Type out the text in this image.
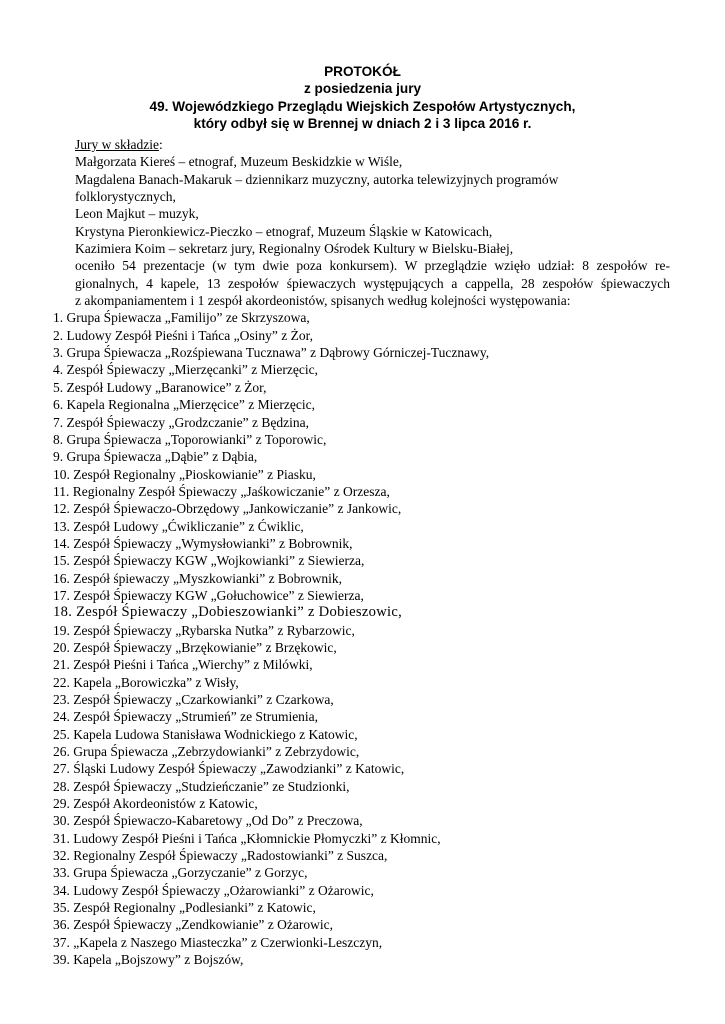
PROTOKÓŁ
z posiedzenia jury
49. Wojewódzkiego Przeglądu Wiejskich Zespołów Artystycznych,
który odbył się w Brennej w dniach 2 i 3 lipca 2016 r.
Jury w składzie:
Małgorzata Kiereś – etnograf, Muzeum Beskidzkie w Wiśle,
Magdalena Banach-Makaruk – dziennikarz muzyczny, autorka telewizyjnych programów
folklorystycznych,
Leon Majkut – muzyk,
Krystyna Pieronkiewicz-Pieczko – etnograf, Muzeum Śląskie w Katowicach,
Kazimiera Koim – sekretarz jury, Regionalny Ośrodek Kultury w Bielsku-Białej,
oceniło 54 prezentacje (w tym dwie poza konkursem). W przeglądzie wzięło udział: 8 zespołów re-
gionalnych, 4 kapele, 13 zespołów śpiewaczych występujących a cappella, 28 zespołów śpiewaczych
z akompaniamentem i 1 zespół akordeonistów, spisanych według kolejności występowania:
1. Grupa Śpiewacza „Familijo” ze Skrzyszowa,
2. Ludowy Zespół Pieśni i Tańca „Osiny” z Żor,
3. Grupa Śpiewacza „Rozśpiewana Tucznawa” z Dąbrowy Górniczej-Tucznawy,
4. Zespół Śpiewaczy „Mierzęcanki” z Mierzęcic,
5. Zespół Ludowy „Baranowice” z Żor,
6. Kapela Regionalna „Mierzęcice” z Mierzęcic,
7. Zespół Śpiewaczy „Grodzczanie” z Będzina,
8. Grupa Śpiewacza „Toporowianki” z Toporowic,
9. Grupa Śpiewacza „Dąbie” z Dąbia,
10. Zespół Regionalny „Pioskowianie” z Piasku,
11. Regionalny Zespół Śpiewaczy „Jaśkowiczanie” z Orzesza,
12. Zespół Śpiewaczo-Obrzędowy „Jankowiczanie” z Jankowic,
13. Zespół Ludowy „Ćwikliczanie” z Ćwiklic,
14. Zespół Śpiewaczy „Wymysłowianki” z Bobrownik,
15. Zespół Śpiewaczy KGW „Wojkowianki” z Siewierza,
16. Zespół śpiewaczy „Myszkowianki” z Bobrownik,
17. Zespół Śpiewaczy KGW „Gołuchowice” z Siewierza,
18. Zespół Śpiewaczy „Dobieszowianki” z Dobieszowic,
19. Zespół Śpiewaczy „Rybarska Nutka” z Rybarzowic,
20. Zespół Śpiewaczy „Brzękowianie” z Brzękowic,
21. Zespół Pieśni i Tańca „Wierchy” z Milówki,
22. Kapela „Borowiczka” z Wisły,
23. Zespół Śpiewaczy „Czarkowianki” z Czarkowa,
24. Zespół Śpiewaczy „Strumień” ze Strumienia,
25. Kapela Ludowa Stanisława Wodnickiego z Katowic,
26. Grupa Śpiewacza „Zebrzydowianki” z Zebrzydowic,
27. Śląski Ludowy Zespół Śpiewaczy „Zawodzianki” z Katowic,
28. Zespół Śpiewaczy „Studzieńczanie” ze Studzionki,
29. Zespół Akordeonistów z Katowic,
30. Zespół Śpiewaczo-Kabaretowy „Od Do” z Preczowa,
31. Ludowy Zespół Pieśni i Tańca „Kłomnickie Płomyczki” z Kłomnic,
32. Regionalny Zespół Śpiewaczy „Radostowianki” z Suszca,
33. Grupa Śpiewacza „Gorzyczanie” z Gorzyc,
34. Ludowy Zespół Śpiewaczy „Ożarowianki” z Ożarowic,
35. Zespół Regionalny „Podlesianki” z Katowic,
36. Zespół Śpiewaczy „Zendkowianie” z Ożarowic,
37. „Kapela z Naszego Miasteczka” z Czerwionki-Leszczyn,
39. Kapela „Bojszowy” z Bojszów,
